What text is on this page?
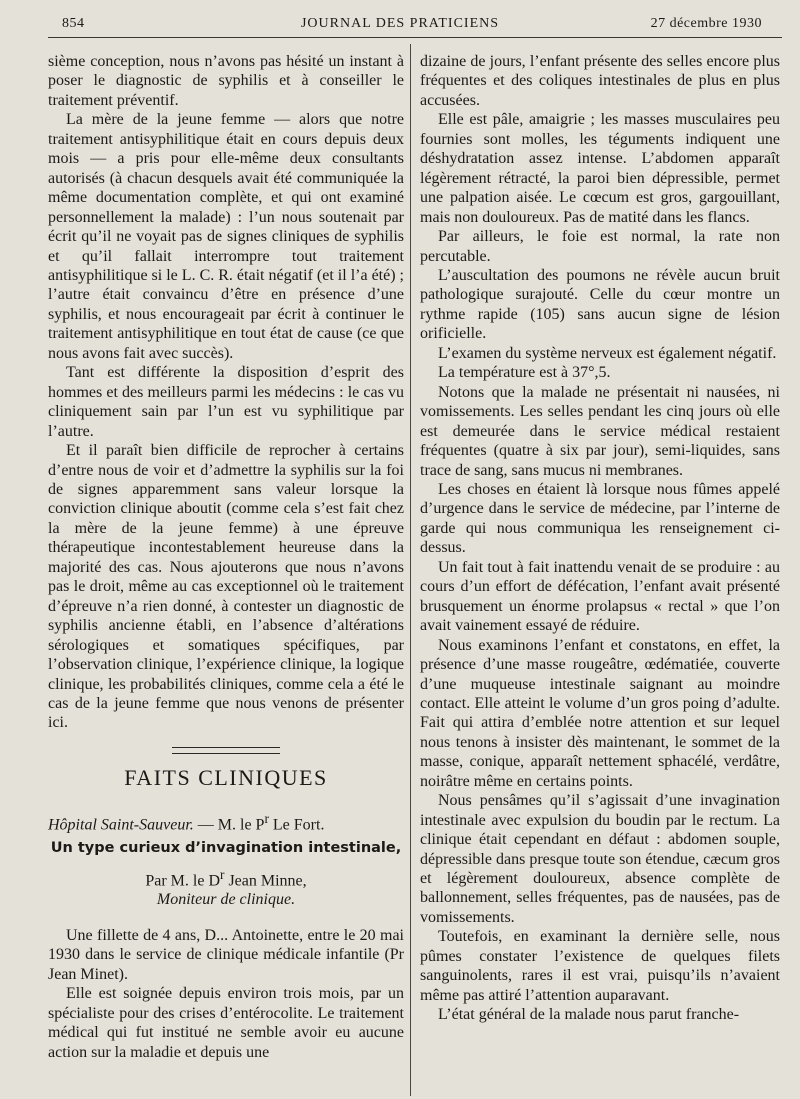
854	JOURNAL DES PRATICIENS	27 décembre 1930

sième conception, nous n’avons pas hésité un instant à poser le diagnostic de syphilis et à conseiller le traitement préventif.

La mère de la jeune femme — alors que notre traitement antisyphilitique était en cours depuis deux mois — a pris pour elle-même deux consultants autorisés (à chacun desquels avait été communiquée la même documentation complète, et qui ont examiné personnellement la malade) : l’un nous soutenait par écrit qu’il ne voyait pas de signes cliniques de syphilis et qu’il fallait interrompre tout traitement antisyphilitique si le L. C. R. était négatif (et il l’a été) ; l’autre était convaincu d’être en présence d’une syphilis, et nous encourageait par écrit à continuer le traitement antisyphilitique en tout état de cause (ce que nous avons fait avec succès).

Tant est différente la disposition d’esprit des hommes et des meilleurs parmi les médecins : le cas vu cliniquement sain par l’un est vu syphilitique par l’autre.

Et il paraît bien difficile de reprocher à certains d’entre nous de voir et d’admettre la syphilis sur la foi de signes apparemment sans valeur lorsque la conviction clinique aboutit (comme cela s’est fait chez la mère de la jeune femme) à une épreuve thérapeutique incontestablement heureuse dans la majorité des cas. Nous ajouterons que nous n’avons pas le droit, même au cas exceptionnel où le traitement d’épreuve n’a rien donné, à contester un diagnostic de syphilis ancienne établi, en l’absence d’altérations sérologiques et somatiques spécifiques, par l’observation clinique, l’expérience clinique, la logique clinique, les probabilités cliniques, comme cela a été le cas de la jeune femme que nous venons de présenter ici.

FAITS CLINIQUES

Hôpital Saint-Sauveur. — M. le $P^r$ Le Fort.

Un type curieux d’invagination intestinale,

Par M. le $D^r$ Jean Minne,

Moniteur de clinique.

Une fillette de 4 ans, D... Antoinette, entre le 20 mai 1930 dans le service de clinique médicale infantile (Pr Jean Minet).

Elle est soignée depuis environ trois mois, par un spécialiste pour des crises d’entérocolite. Le traitement médical qui fut institué ne semble avoir eu aucune action sur la maladie et depuis une

dizaine de jours, l’enfant présente des selles encore plus fréquentes et des coliques intestinales de plus en plus accusées.

Elle est pâle, amaigrie ; les masses musculaires peu fournies sont molles, les téguments indiquent une déshydratation assez intense. L’abdomen apparaît légèrement rétracté, la paroi bien dépressible, permet une palpation aisée. Le cœcum est gros, gargouillant, mais non douloureux. Pas de matité dans les flancs.

Par ailleurs, le foie est normal, la rate non percutable.

L’auscultation des poumons ne révèle aucun bruit pathologique surajouté. Celle du cœur montre un rythme rapide (105) sans aucun signe de lésion orificielle.

L’examen du système nerveux est également négatif.

La température est à 37°,5.

Notons que la malade ne présentait ni nausées, ni vomissements. Les selles pendant les cinq jours où elle est demeurée dans le service médical restaient fréquentes (quatre à six par jour), semi-liquides, sans trace de sang, sans mucus ni membranes.

Les choses en étaient là lorsque nous fûmes appelé d’urgence dans le service de médecine, par l’interne de garde qui nous communiqua les renseignement ci-dessus.

Un fait tout à fait inattendu venait de se produire : au cours d’un effort de défécation, l’enfant avait présenté brusquement un énorme prolapsus « rectal » que l’on avait vainement essayé de réduire.

Nous examinons l’enfant et constatons, en effet, la présence d’une masse rougeâtre, œdématiée, couverte d’une muqueuse intestinale saignant au moindre contact. Elle atteint le volume d’un gros poing d’adulte. Fait qui attira d’emblée notre attention et sur lequel nous tenons à insister dès maintenant, le sommet de la masse, conique, apparaît nettement sphacélé, verdâtre, noirâtre même en certains points.

Nous pensâmes qu’il s’agissait d’une invagination intestinale avec expulsion du boudin par le rectum. La clinique était cependant en défaut : abdomen souple, dépressible dans presque toute son étendue, cæcum gros et légèrement douloureux, absence complète de ballonnement, selles fréquentes, pas de nausées, pas de vomissements.

Toutefois, en examinant la dernière selle, nous pûmes constater l’existence de quelques filets sanguinolents, rares il est vrai, puisqu’ils n’avaient même pas attiré l’attention auparavant.

L’état général de la malade nous parut franche-
